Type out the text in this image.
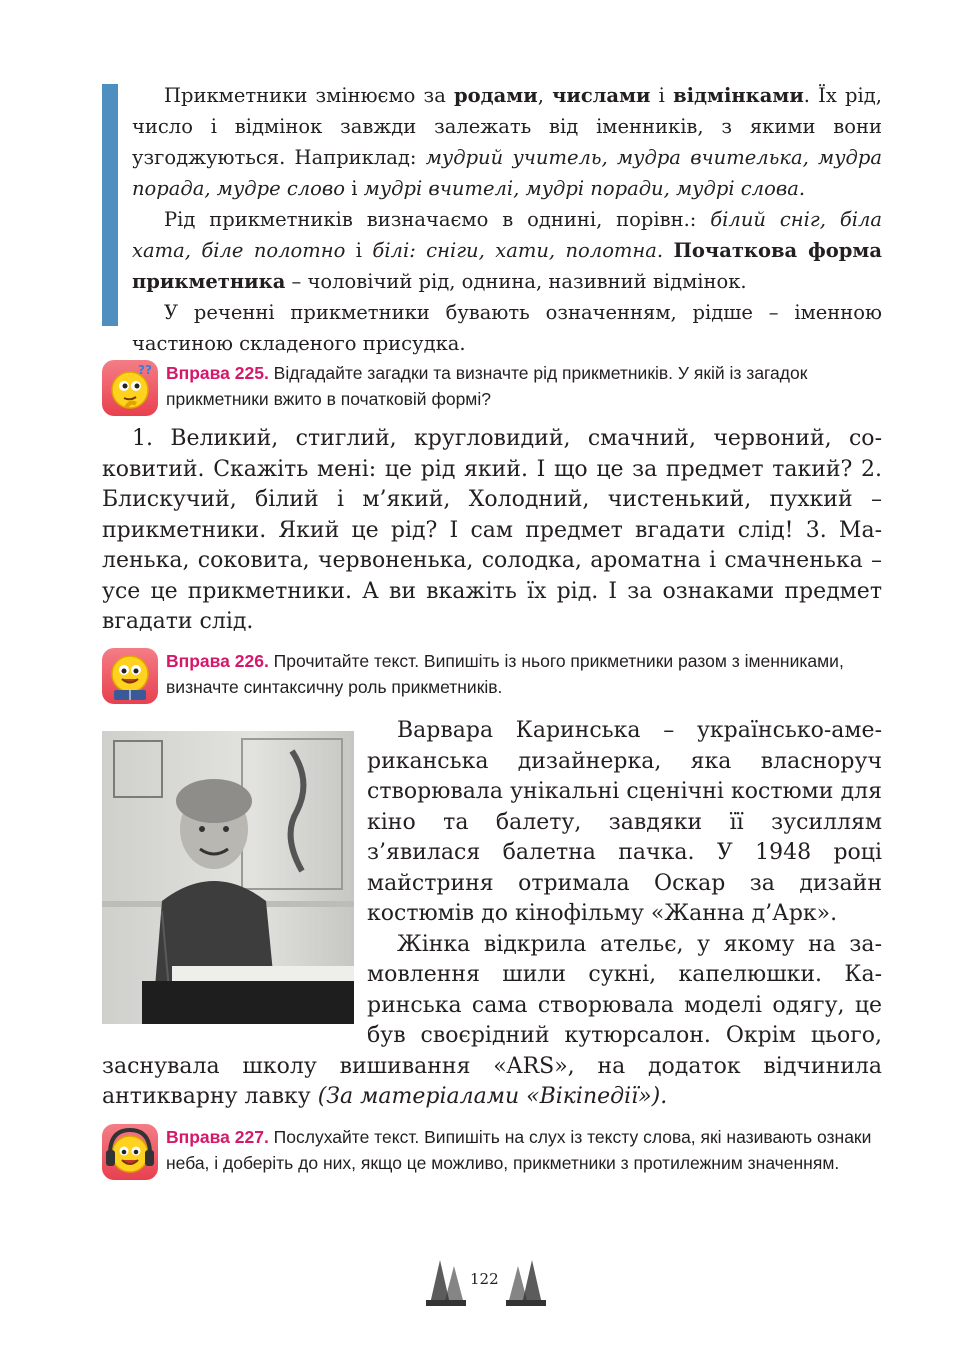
Прикметники змінюємо за родами, числами і відмінками. Їх рід, число і відмінок завжди залежать від іменників, з якими вони узгоджуються. Наприклад: мудрий учитель, мудра вчителька, мудра порада, мудре слово і мудрі вчителі, мудрі поради, мудрі слова.

Рід прикметників визначаємо в однині, порівн.: білий сніг, біла хата, біле полотно і білі: сніги, хати, полотна. Початкова форма прикметника – чоловічий рід, однина, називний відмінок.

У реченні прикметники бувають означенням, рідше – іменною частиною складеного присудка.

?? Вправа 225. Відгадайте загадки та визначте рід прикметників. У якій із загадок прикметники вжито в початковій формі?

1. Великий, стиглий, кругловидий, смачний, червоний, соковитий. Скажіть мені: це рід який. І що це за предмет такий? 2. Блискучий, білий і м’який, Холодний, чистенький, пухкий – прикметники. Який це рід? І сам предмет вгадати слід! 3. Маленька, соковита, червоненька, солодка, ароматна і смачненька – усе це прикметники. А ви вкажіть їх рід. І за ознаками предмет вгадати слід.

Вправа 226. Прочитайте текст. Випишіть із нього прикметники разом з іменниками, визначте синтаксичну роль прикметників.

Варвара Каринська – українсько-американська дизайнерка, яка власноруч створювала унікальні сценічні костюми для кіно та балету, завдяки її зусиллям з’явилася балетна пачка. У 1948 році майстриня отримала Оскар за дизайн костюмів до кінофільму «Жанна д’Арк».

Жінка відкрила ательє, у якому на замовлення шили сукні, капелюшки. Каринська сама створювала моделі одягу, це був своєрідний кутюрсалон. Окрім цього, заснувала школу вишивання «ARS», на додаток відчинила антикварну лавку (За матеріалами «Вікіпедії»).

Вправа 227. Послухайте текст. Випишіть на слух із тексту слова, які називають ознаки неба, і доберіть до них, якщо це можливо, прикметники з протилежним значенням.
122
